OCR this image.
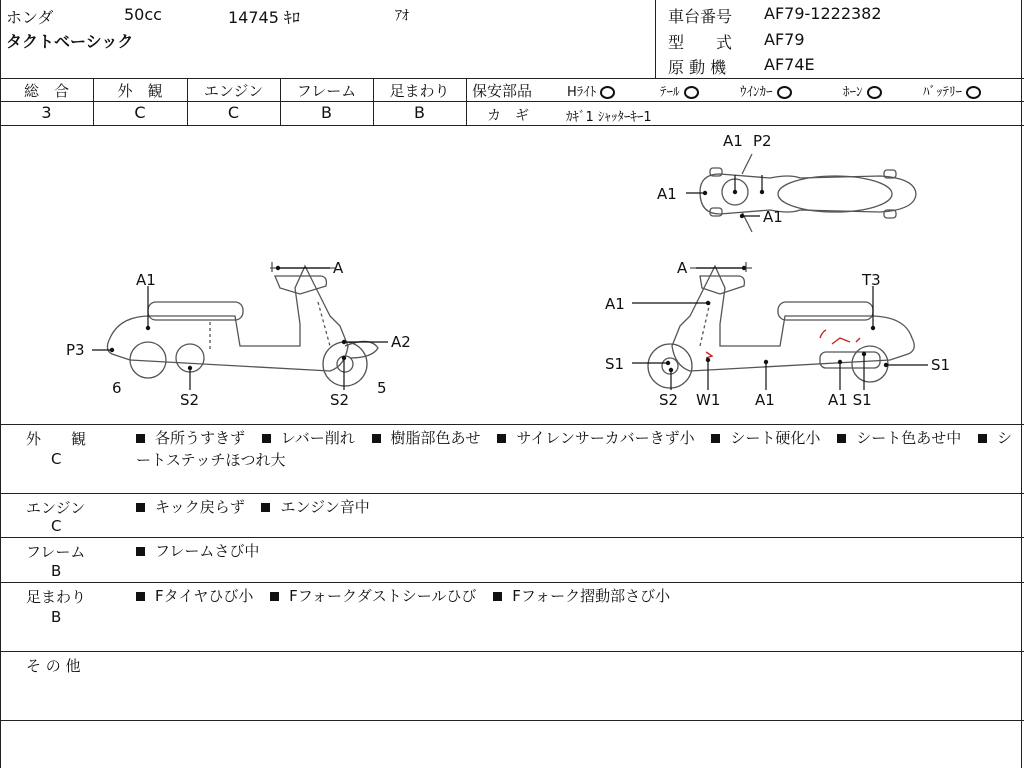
ホンダ	50cc	14745 ｷﾛ	ｱｵ
タクトベーシック
車台番号 AF79-1222382
型　　式 AF79
原 動 機 AF74E
総　合	外　観	エンジン	フレーム	足まわり
3	C	C	B	B
保安部品	Hﾗｲﾄ	ﾃｰﾙ	ｳｲﾝｶｰ	ﾎｰﾝ	ﾊﾞｯﾃﾘｰ
カ　ギ	ｶｷﾞ1 ｼｬｯﾀｰｷｰ1
A1
A1 P2
A1
A1
A
P3
6
S2	S2
A2
5
A
A1
T3
S1	S1
S2 W1 A1	A1 S1
外　　観
C
各所うすきず レバー削れ 樹脂部色あせ サイレンサーカバーきず小 シート硬化小 シート色あせ中 シートステッチほつれ大
エンジン
C
キック戻らず エンジン音中
フレーム
B
フレームさび中
足まわり
B
Fタイヤひび小 Fフォークダストシールひび Fフォーク摺動部さび小
そ の 他
